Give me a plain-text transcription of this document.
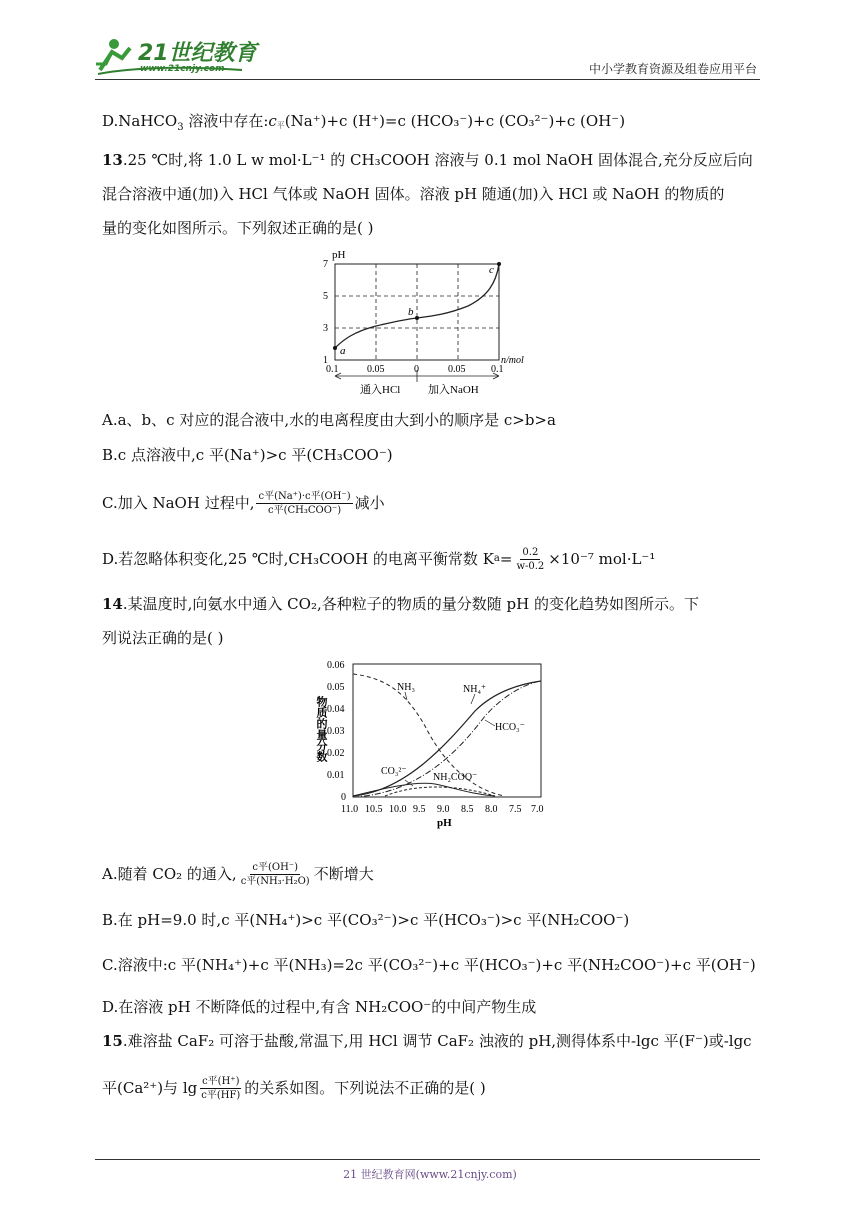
21世纪教育
www.21cnjy.com	中小学教育资源及组卷应用平台
D.NaHCO$_3$ 溶液中存在:c平(Na⁺)+c (H⁺)=c (HCO₃⁻)+c (CO₃²⁻)+c (OH⁻)
13.25 ℃时,将 1.0 L w mol·L⁻¹ 的 CH₃COOH 溶液与 0.1 mol NaOH 固体混合,充分反应后向
混合溶液中通(加)入 HCl 气体或 NaOH 固体。溶液 pH 随通(加)入 HCl 或 NaOH 的物质的
量的变化如图所示。下列叙述正确的是( )
pH
7
5
3
1
0.1	0.05	0	0.05	0.1
n/mol
a
b
c
通入HCl	加入NaOH
A.a、b、c 对应的混合液中,水的电离程度由大到小的顺序是 c>b>a
B.c 点溶液中,c 平(Na⁺)>c 平(CH₃COO⁻)
C.加入 NaOH 过程中, $\frac{\text{c平(Na⁺)·c平(OH⁻)}}{\text{c平(CH₃COO⁻)}}$ 减小
D.若忽略体积变化,25 ℃时,CH₃COOH 的电离平衡常数 K $a = \frac{0.2}{w-0.2} \times 10^{-7}$ mol·L⁻¹
14.某温度时,向氨水中通入 CO₂,各种粒子的物质的量分数随 pH 的变化趋势如图所示。下
列说法正确的是( )
0.06
0.05
0.04
0.03
0.02
0.01
0
物质的量分数
11.0 10.5 10.0 9.5 9.0 8.5 8.0 7.5 7.0
pH
NH₃	NH₄⁺
HCO₃⁻
CO₃²⁻
NH₂COO⁻
A.随着 CO₂ 的通入, $\frac{\text{c平(OH⁻)}}{\text{c平(NH₃·H₂O)}}$ 不断增大
B.在 pH=9.0 时,c 平(NH₄⁺)>c 平(CO₃²⁻)>c 平(HCO₃⁻)>c 平(NH₂COO⁻)
C.溶液中:c 平(NH₄⁺)+c 平(NH₃)=2c 平(CO₃²⁻)+c 平(HCO₃⁻)+c 平(NH₂COO⁻)+c 平(OH⁻)
D.在溶液 pH 不断降低的过程中,有含 NH₂COO⁻的中间产物生成
15.难溶盐 CaF₂ 可溶于盐酸,常温下,用 HCl 调节 CaF₂ 浊液的 pH,测得体系中-lgc 平(F⁻)或-lgc
平(Ca²⁺)与 $\lg \frac{\text{c平(H⁺)}}{\text{c平(HF)}}$ 的关系如图。下列说法不正确的是( )
21 世纪教育网(www.21cnjy.com)
